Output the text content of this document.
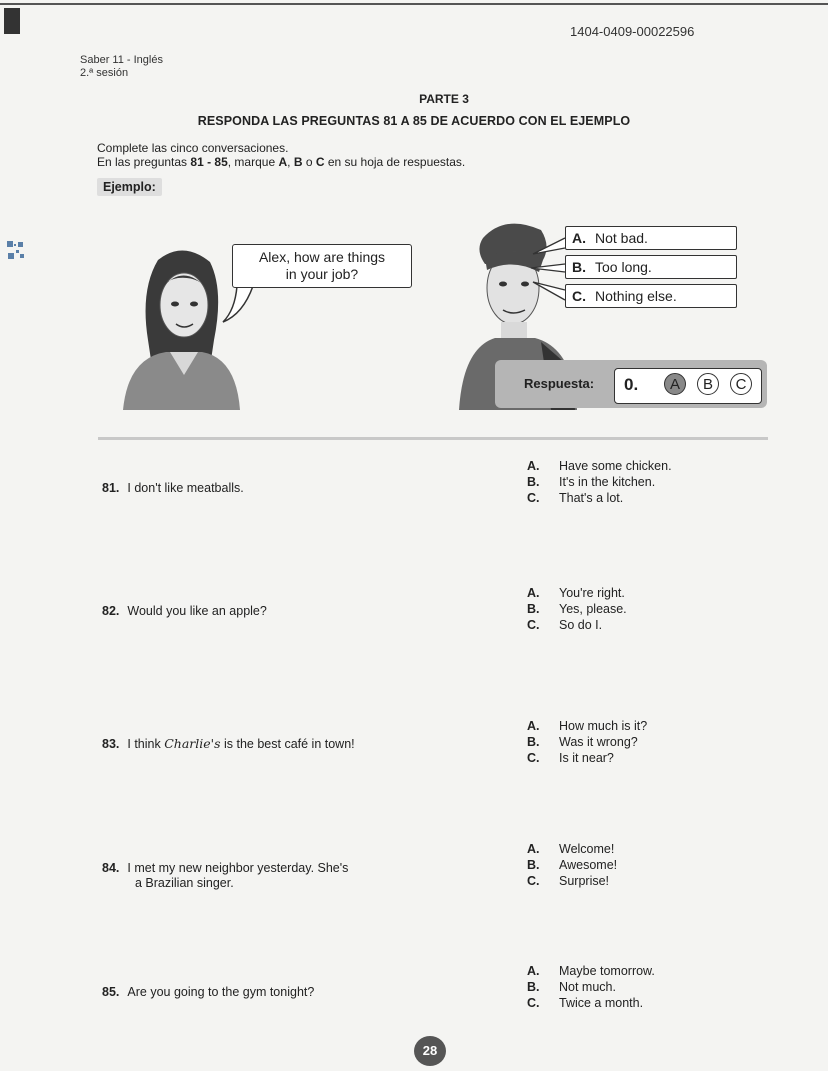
1404-0409-00022596
Saber 11 - Inglés
2.ª sesión
PARTE 3
RESPONDA LAS PREGUNTAS 81 A 85 DE ACUERDO CON EL EJEMPLO
Complete las cinco conversaciones.
En las preguntas 81 - 85, marque A, B o C en su hoja de respuestas.
Ejemplo:
Alex, how are things
in your job?
A. Not bad.
B. Too long.
C. Nothing else.
Respuesta: 0.	A	B	C
81. I don't like meatballs.
A. Have some chicken.
B. It's in the kitchen.
C. That's a lot.
82. Would you like an apple?
A. You're right.
B. Yes, please.
C. So do I.
83. I think Charlie's is the best café in town!
A. How much is it?
B. Was it wrong?
C. Is it near?
84. I met my new neighbor yesterday. She's
a Brazilian singer.
A. Welcome!
B. Awesome!
C. Surprise!
85. Are you going to the gym tonight?
A. Maybe tomorrow.
B. Not much.
C. Twice a month.
28
